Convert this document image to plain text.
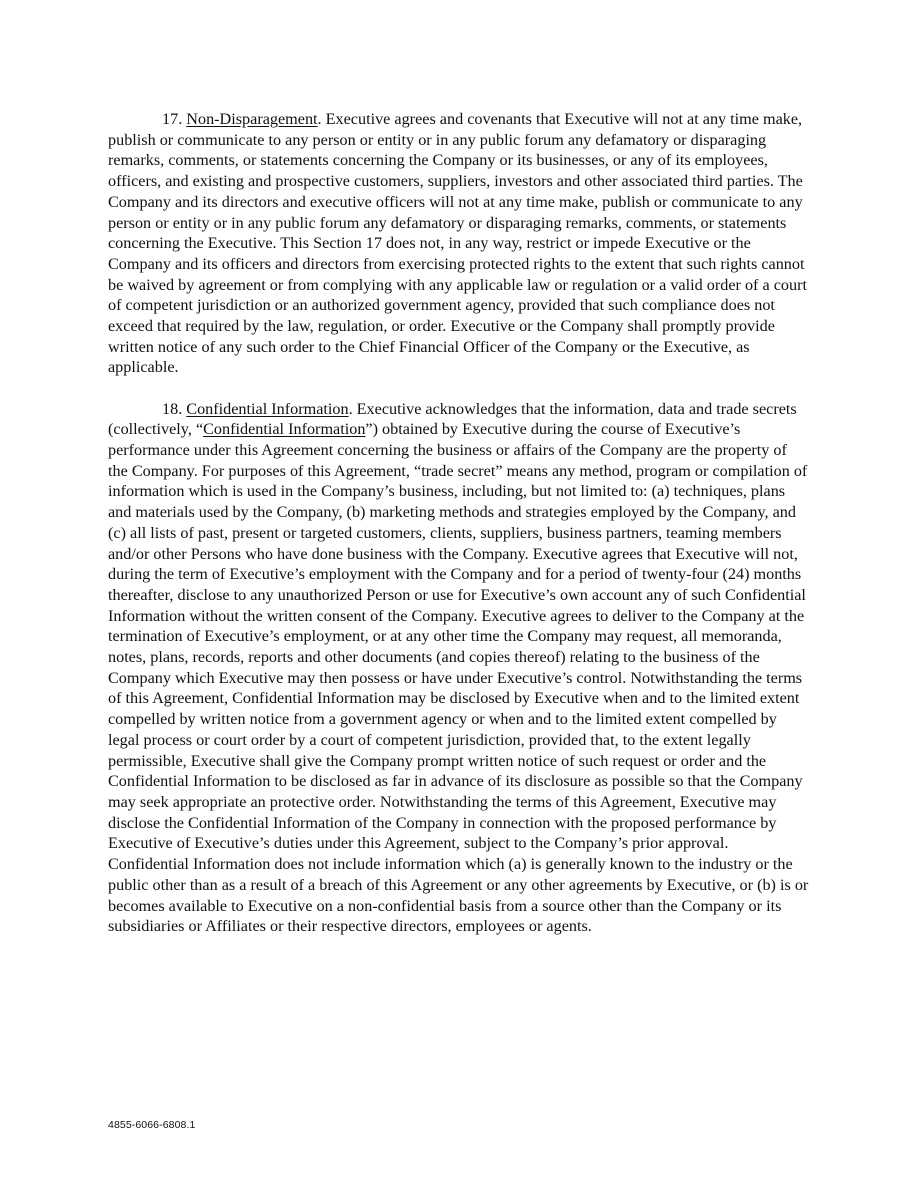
17. Non-Disparagement. Executive agrees and covenants that Executive will not at any time make, publish or communicate to any person or entity or in any public forum any defamatory or disparaging remarks, comments, or statements concerning the Company or its businesses, or any of its employees, officers, and existing and prospective customers, suppliers, investors and other associated third parties. The Company and its directors and executive officers will not at any time make, publish or communicate to any person or entity or in any public forum any defamatory or disparaging remarks, comments, or statements concerning the Executive. This Section 17 does not, in any way, restrict or impede Executive or the Company and its officers and directors from exercising protected rights to the extent that such rights cannot be waived by agreement or from complying with any applicable law or regulation or a valid order of a court of competent jurisdiction or an authorized government agency, provided that such compliance does not exceed that required by the law, regulation, or order. Executive or the Company shall promptly provide written notice of any such order to the Chief Financial Officer of the Company or the Executive, as applicable.

18. Confidential Information. Executive acknowledges that the information, data and trade secrets (collectively, “Confidential Information”) obtained by Executive during the course of Executive’s performance under this Agreement concerning the business or affairs of the Company are the property of the Company. For purposes of this Agreement, “trade secret” means any method, program or compilation of information which is used in the Company’s business, including, but not limited to: (a) techniques, plans and materials used by the Company, (b) marketing methods and strategies employed by the Company, and (c) all lists of past, present or targeted customers, clients, suppliers, business partners, teaming members and/or other Persons who have done business with the Company. Executive agrees that Executive will not, during the term of Executive’s employment with the Company and for a period of twenty-four (24) months thereafter, disclose to any unauthorized Person or use for Executive’s own account any of such Confidential Information without the written consent of the Company. Executive agrees to deliver to the Company at the termination of Executive’s employment, or at any other time the Company may request, all memoranda, notes, plans, records, reports and other documents (and copies thereof) relating to the business of the Company which Executive may then possess or have under Executive’s control. Notwithstanding the terms of this Agreement, Confidential Information may be disclosed by Executive when and to the limited extent compelled by written notice from a government agency or when and to the limited extent compelled by legal process or court order by a court of competent jurisdiction, provided that, to the extent legally permissible, Executive shall give the Company prompt written notice of such request or order and the Confidential Information to be disclosed as far in advance of its disclosure as possible so that the Company may seek appropriate an protective order. Notwithstanding the terms of this Agreement, Executive may disclose the Confidential Information of the Company in connection with the proposed performance by Executive of Executive’s duties under this Agreement, subject to the Company’s prior approval. Confidential Information does not include information which (a) is generally known to the industry or the public other than as a result of a breach of this Agreement or any other agreements by Executive, or (b) is or becomes available to Executive on a non-confidential basis from a source other than the Company or its subsidiaries or Affiliates or their respective directors, employees or agents.

4855-6066-6808.1
